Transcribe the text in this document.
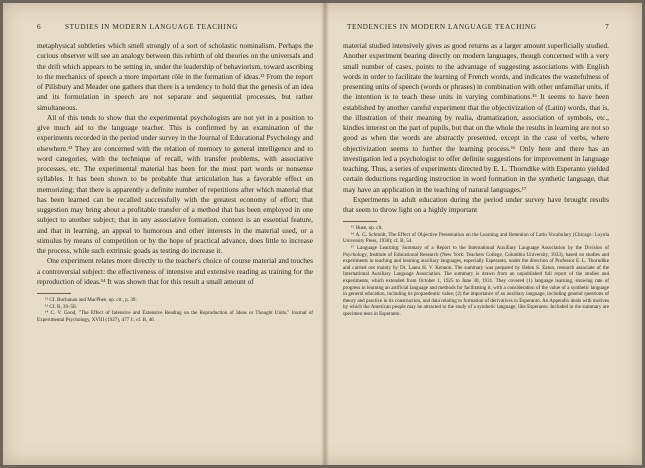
6	STUDIES IN MODERN LANGUAGE TEACHING

metaphysical subtleties which smell strongly of a sort of scholastic nominalism. Perhaps the curious observer will see an analogy between this rebirth of old theories on the universals and the drift which appears to be setting in, under the leadership of behaviorism, toward ascribing to the mechanics of speech a more important rôle in the formation of ideas.¹³ From the report of Pillsbury and Meader one gathers that there is a tendency to hold that the genesis of an idea and its formulation in speech are not separate and sequential processes, but rather simultaneous.

All of this tends to show that the experimental psychologists are not yet in a position to give much aid to the language teacher. This is confirmed by an examination of the experiments recorded in the period under survey in the Journal of Educational Psychology and elsewhere.¹³ They are concerned with the relation of memory to general intelligence and to word categories, with the technique of recall, with transfer problems, with associative processes, etc. The experimental material has been for the most part words or nonsense syllables. It has been shown to be probable that articulation has a favorable effect on memorizing; that there is apparently a definite number of repetitions after which material that has been learned can be recalled successfully with the greatest economy of effort; that suggestion may bring about a profitable transfer of a method that has been employed in one subject to another subject; that in any associative formation, context is an essential feature, and that in learning, an appeal to humorous and other interests in the material used, or a stimulus by means of competition or by the hope of practical advance, does little to increase the process, while such extrinsic goads as testing do increase it.

One experiment relates more directly to the teacher's choice of course material and touches a controversial subject: the effectiveness of intensive and extensive reading as training for the reproduction of ideas.¹⁴ It was shown that for this result a small amount of

¹² Cf. Buchanan and MacPhee, op. cit., p. 39.

¹³ Cf. B, 39–58.

¹⁴ C. V. Good, "The Effect of Intensive and Extensive Reading on the Reproduction of Ideas or Thought Units," Journal of Experimental Psychology, XVIII (1927), 477 f.; cf. B, 46.

TENDENCIES IN MODERN LANGUAGE TEACHING	7

material studied intensively gives as good returns as a larger amount superficially studied. Another experiment bearing directly on modern languages, though concerned with a very small number of cases, points to the advantage of suggesting associations with English words in order to facilitate the learning of French words, and indicates the wastefulness of presenting units of speech (words or phrases) in combination with other unfamiliar units, if the intention is to teach these units in varying combinations.¹⁵ It seems to have been established by another careful experiment that the objectivization of (Latin) words, that is, the illustration of their meaning by realia, dramatization, association of symbols, etc., kindles interest on the part of pupils, but that on the whole the results in learning are not so good as when the words are abstractly presented, except in the case of verbs, where objectivization seems to further the learning process.¹⁶ Only here and there has an investigation led a psychologist to offer definite suggestions for improvement in language teaching. Thus, a series of experiments directed by E. L. Thorndike with Esperanto yielded certain deductions regarding instruction in word formation in the synthetic language, that may have an application in the teaching of natural languages.¹⁷

Experiments in adult education during the period under survey have brought results that seem to throw light on a highly important

¹⁵ Huse, op. cit.

¹⁶ A. G. Schmidt, The Effect of Objective Presentation on the Learning and Retention of Latin Vocabulary (Chicago: Loyola University Press, 1930); cf. B, 54.

¹⁷ Language Learning: Summary of a Report to the International Auxiliary Language Association by the Division of Psychology, Institute of Educational Research (New York: Teachers College, Columbia University, 1933), based on studies and experiments in teaching and learning auxiliary languages, especially Esperanto, under the direction of Professor E. L. Thorndike and carried out mainly by Dr. Laura H. V. Kennon. The summary was prepared by Helen S. Eaton, research associate of the International Auxiliary Language Association. The summary is drawn from an unpublished full report of the studies and experiments, which extended from October 1, 1925 to June 30, 1931. They covered (1) language learning, showing rate of progress in learning an artificial language and methods for facilitating it, with a consideration of the value of a synthetic language in general education, including its propaedeutic value; (2) the importance of an auxiliary language, including general questions of theory and practice in its construction, and data relating to formation of derivatives in Esperanto. An Appendix deals with motives by which the American people may be attracted to the study of a synthetic language, like Esperanto. Included in the summary are specimen tests in Esperanto.
